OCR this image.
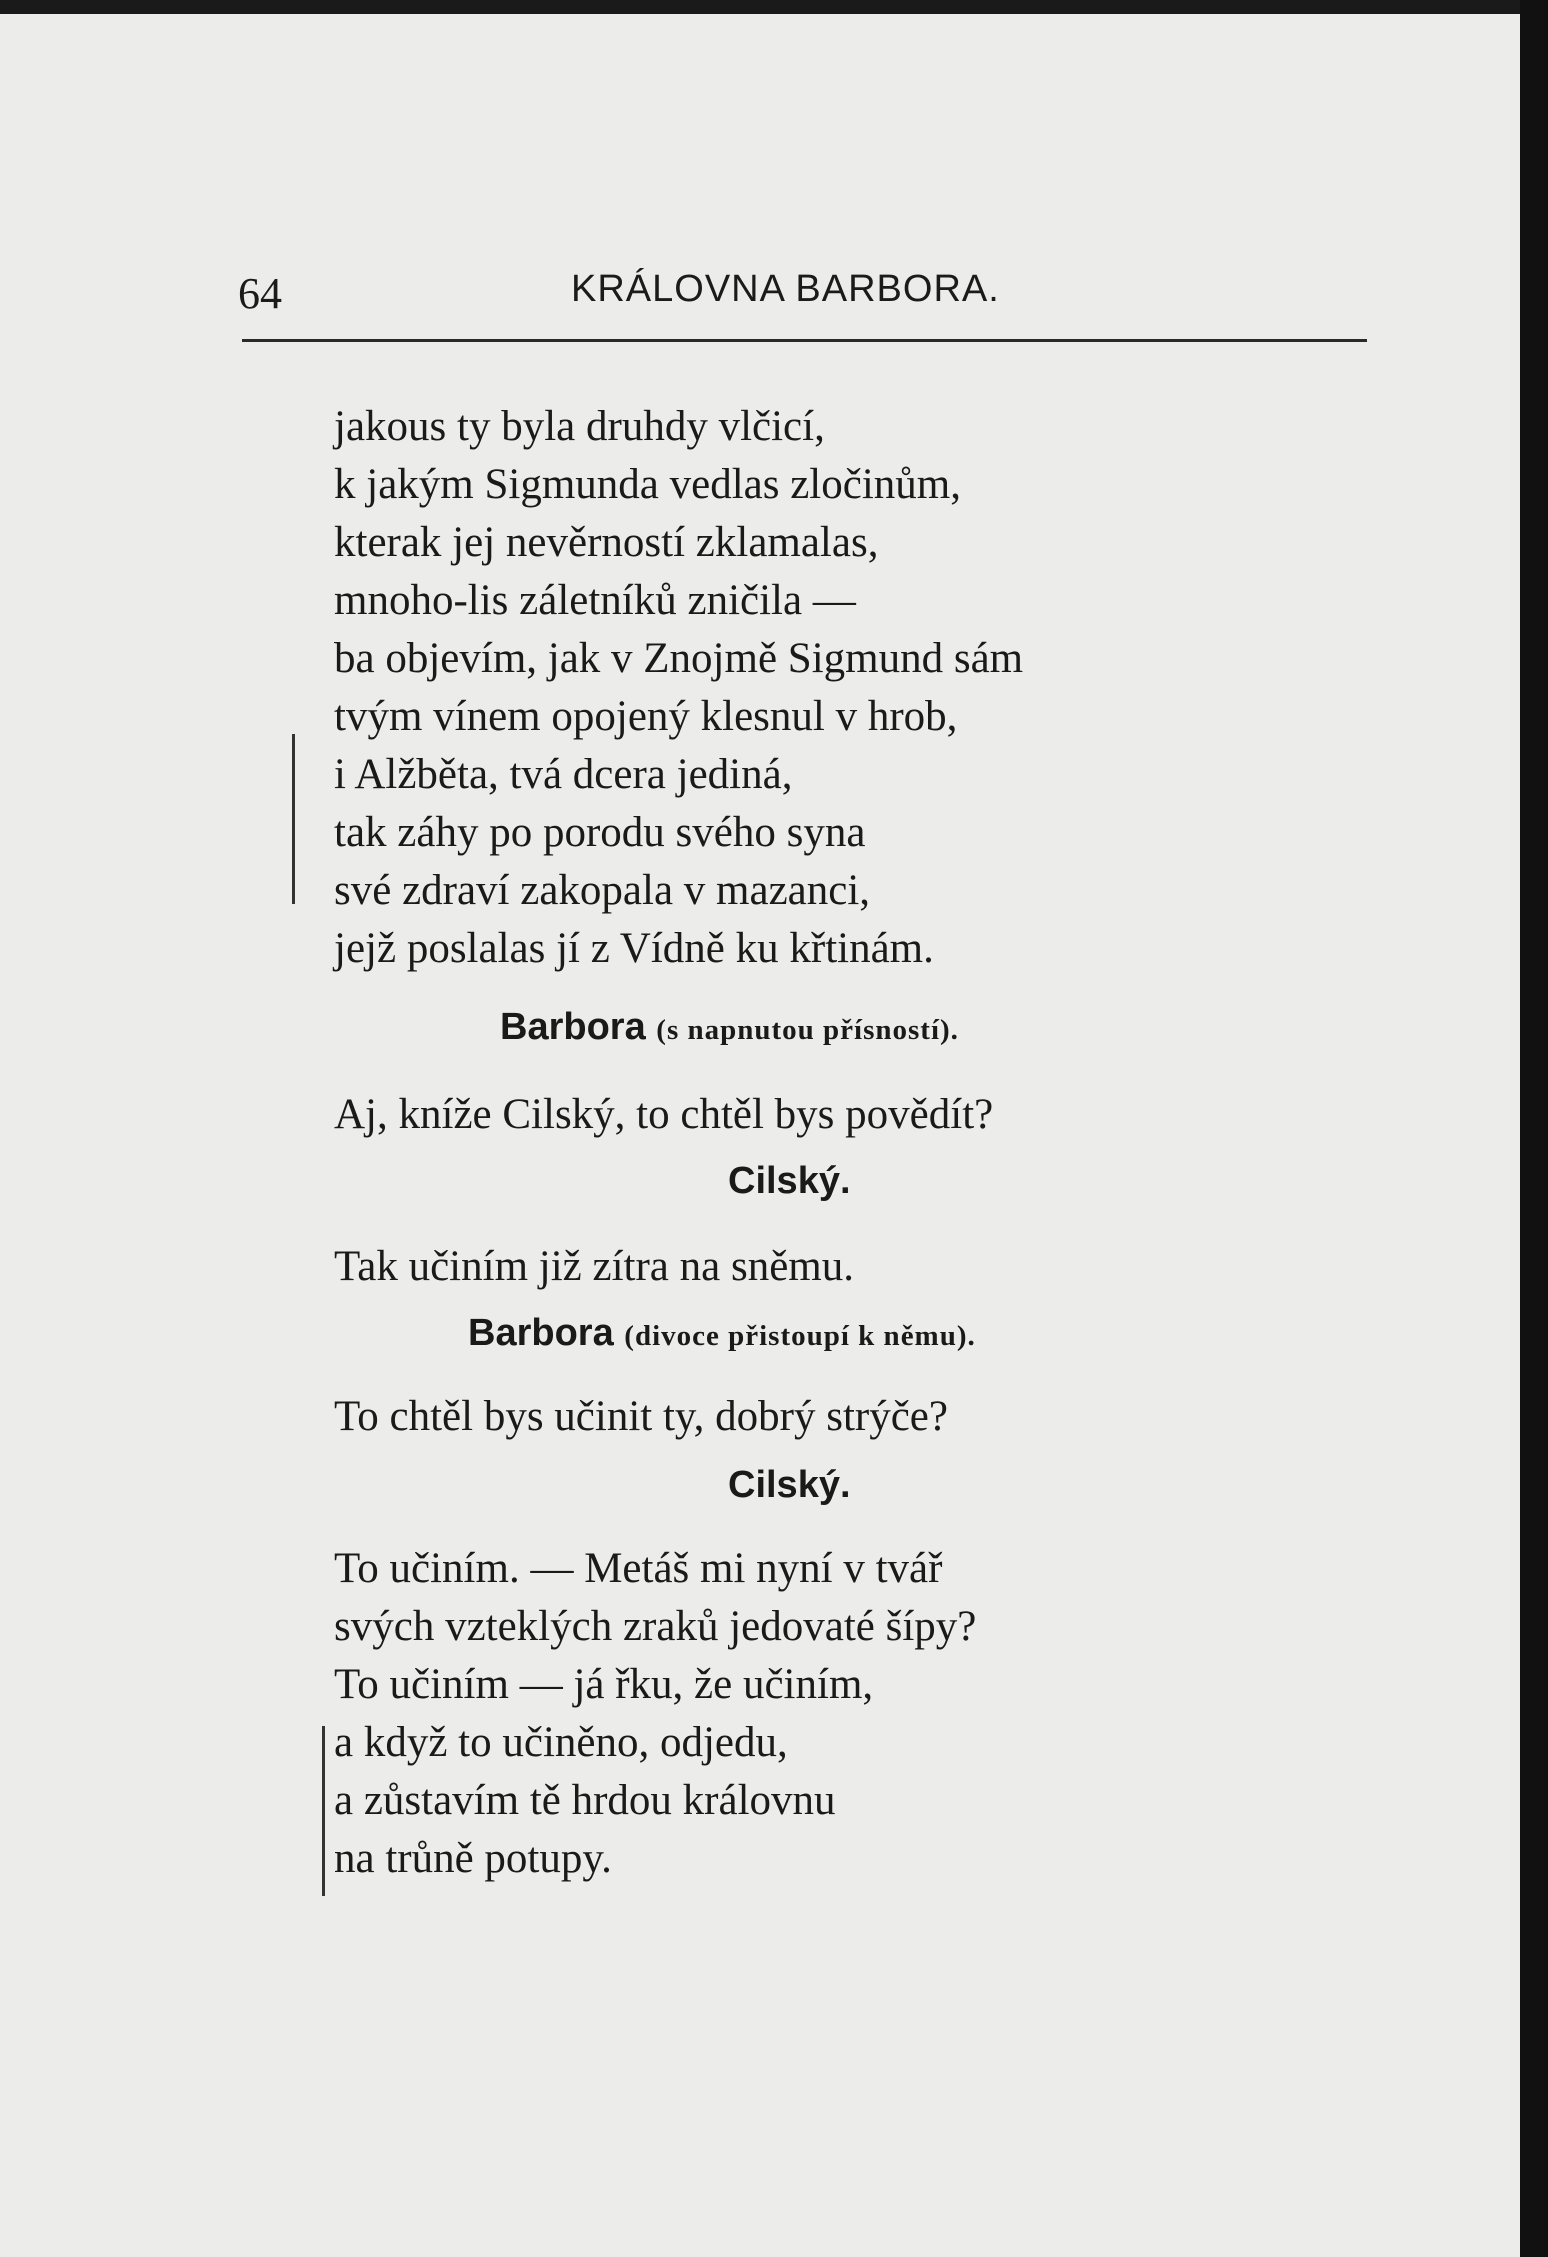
64	KRÁLOVNA BARBORA.
jakous ty byla druhdy vlčicí,
k jakým Sigmunda vedlas zločinům,
kterak jej nevěrností zklamalas,
mnoho-lis záletníků zničila —
ba objevím, jak v Znojmě Sigmund sám
tvým vínem opojený klesnul v hrob,
i Alžběta, tvá dcera jediná,
tak záhy po porodu svého syna
své zdraví zakopala v mazanci,
jejž poslalas jí z Vídně ku křtinám.
Barbora (s napnutou přísností).
Aj, kníže Cilský, to chtěl bys povědít?
Cilský.
Tak učiním již zítra na sněmu.
Barbora (divoce přistoupí k němu).
To chtěl bys učinit ty, dobrý strýče?
Cilský.
To učiním. — Metáš mi nyní v tvář
svých vzteklých zraků jedovaté šípy?
To učiním — já řku, že učiním,
a když to učiněno, odjedu,
a zůstavím tě hrdou královnu
na trůně potupy.
